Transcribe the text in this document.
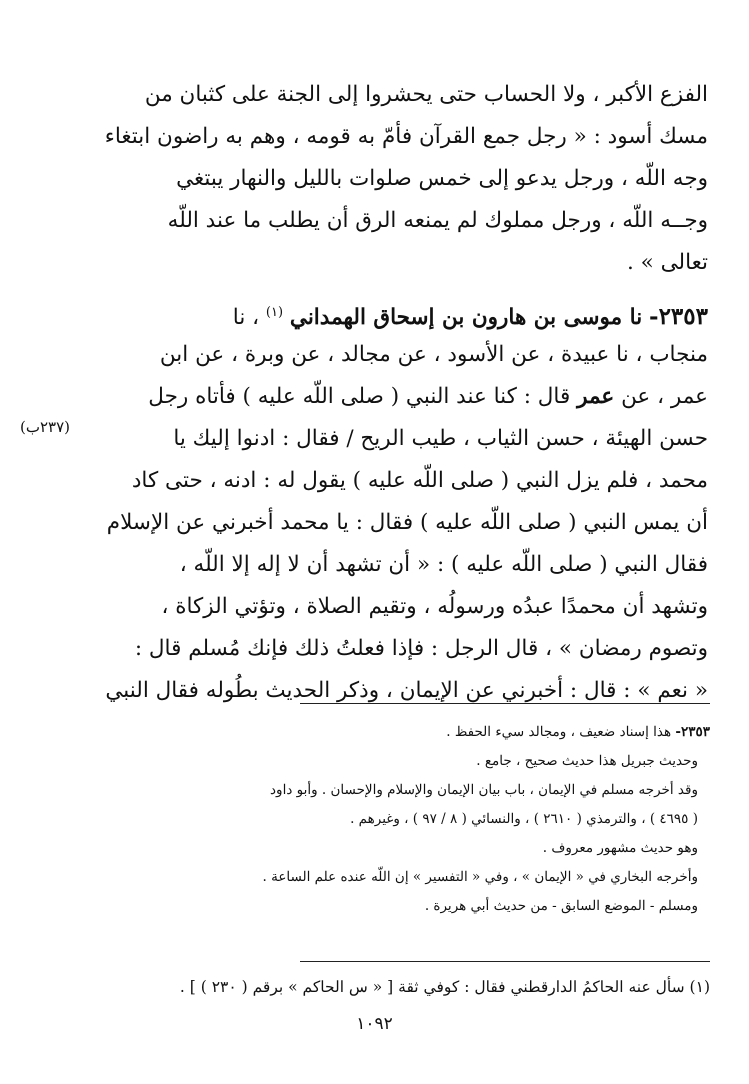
الفزع الأكبر ، ولا الحساب حتى يحشروا إلى الجنة على كثبان من
مسك أسود : « رجل جمع القرآن فأمّ به قومه ، وهم به راضون ابتغاء
وجه اللّه ، ورجل يدعو إلى خمس صلوات بالليل والنهار يبتغي
وجــه اللّه ، ورجل مملوك لم يمنعه الرق أن يطلب ما عند اللّه
تعالى » .
٢٣٥٣- نا موسى بن هارون بن إسحاق الهمداني $^{(١)}$ ، نا
منجاب ، نا عبيدة ، عن الأسود ، عن مجالد ، عن وبرة ، عن ابن
عمر ، عن عمر قال : كنا عند النبي ( صلى اللّه عليه ) فأتاه رجل
حسن الهيئة ، حسن الثياب ، طيب الريح / فقال : ادنوا إليك يا
محمد ، فلم يزل النبي ( صلى اللّه عليه ) يقول له : ادنه ، حتى كاد
أن يمس النبي ( صلى اللّه عليه ) فقال : يا محمد أخبرني عن الإسلام
فقال النبي ( صلى اللّه عليه ) : « أن تشهد أن لا إله إلا اللّه ،
وتشهد أن محمدًا عبدُه ورسولُه ، وتقيم الصلاة ، وتؤتي الزكاة ،
وتصوم رمضان » ، قال الرجل : فإذا فعلتُ ذلك فإنك مُسلم قال :
« نعم » : قال : أخبرني عن الإيمان ، وذكر الحديث بطُوله فقال النبي
(٢٣٧ب)
٢٣٥٣- هذا إسناد ضعيف ، ومجالد سيء الحفظ .
وحديث جبريل هذا حديث صحيح ، جامع .
وقد أخرجه مسلم في الإيمان ، باب بيان الإيمان والإسلام والإحسان . وأبو داود
( ٤٦٩٥ ) ، والترمذي ( ٢٦١٠ ) ، والنسائي ( ٨ / ٩٧ ) ، وغيرهم .
وهو حديث مشهور معروف .
وأخرجه البخاري في « الإيمان » ، وفي « التفسير » إن اللّه عنده علم الساعة .
ومسلم - الموضع السابق - من حديث أبي هريرة .
(١) سأل عنه الحاكمُ الدارقطني فقال : كوفي ثقة [ « س الحاكم » برقم ( ٢٣٠ ) ] .
١٠٩٢
